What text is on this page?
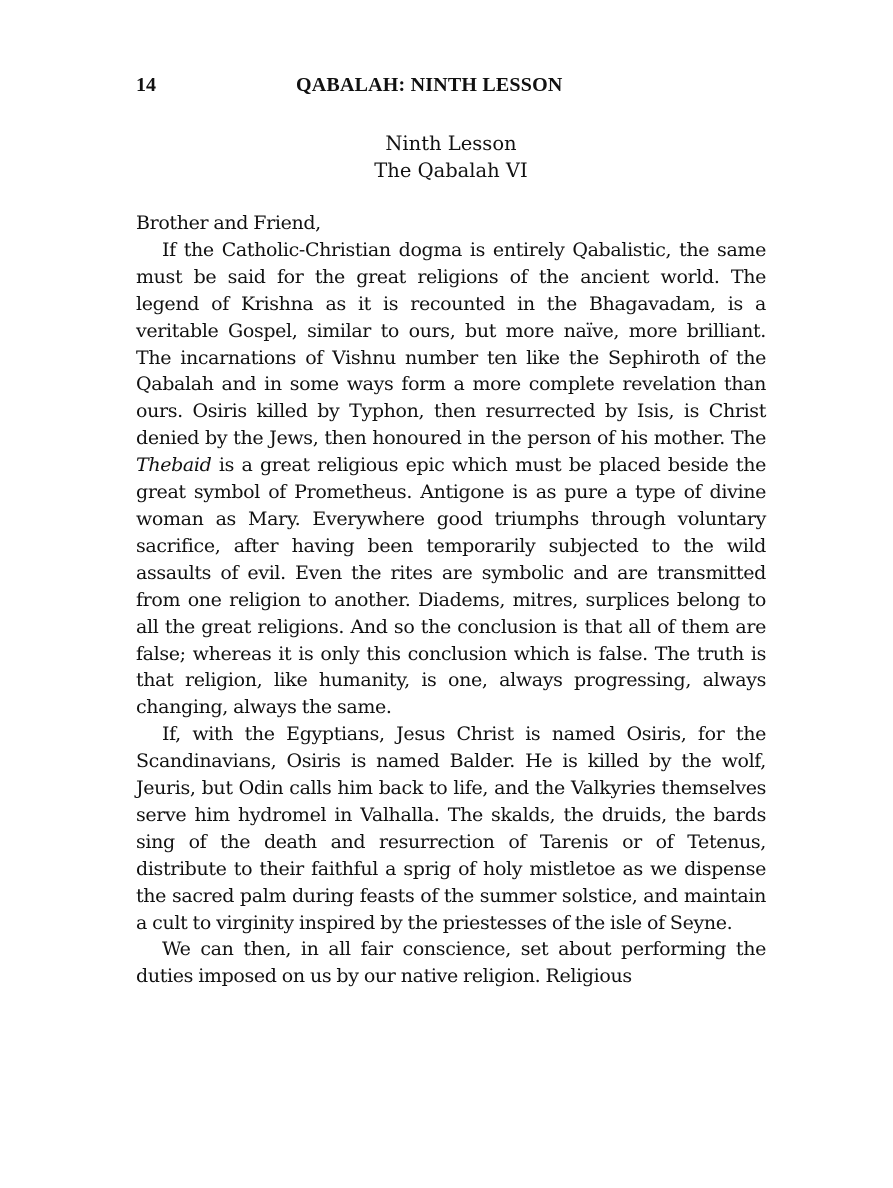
14	QABALAH: NINTH LESSON
Ninth Lesson
The Qabalah VI

Brother and Friend,

If the Catholic-Christian dogma is entirely Qabalistic, the same must be said for the great religions of the ancient world. The legend of Krishna as it is recounted in the Bhagavadam, is a veritable Gospel, similar to ours, but more naïve, more brilliant. The incarnations of Vishnu number ten like the Sephiroth of the Qabalah and in some ways form a more complete revelation than ours. Osiris killed by Typhon, then resurrected by Isis, is Christ denied by the Jews, then honoured in the person of his mother. The Thebaid is a great religious epic which must be placed beside the great symbol of Prometheus. Antigone is as pure a type of divine woman as Mary. Everywhere good triumphs through voluntary sacrifice, after having been temporarily subjected to the wild assaults of evil. Even the rites are symbolic and are transmitted from one religion to another. Diadems, mitres, surplices belong to all the great religions. And so the conclusion is that all of them are false; whereas it is only this conclusion which is false. The truth is that religion, like humanity, is one, always progressing, always changing, always the same.

If, with the Egyptians, Jesus Christ is named Osiris, for the Scandinavians, Osiris is named Balder. He is killed by the wolf, Jeuris, but Odin calls him back to life, and the Valkyries themselves serve him hydromel in Valhalla. The skalds, the druids, the bards sing of the death and resurrection of Tarenis or of Tetenus, distribute to their faithful a sprig of holy mistletoe as we dispense the sacred palm during feasts of the summer solstice, and maintain a cult to virginity inspired by the priestesses of the isle of Seyne.

We can then, in all fair conscience, set about performing the duties imposed on us by our native religion. Religious
